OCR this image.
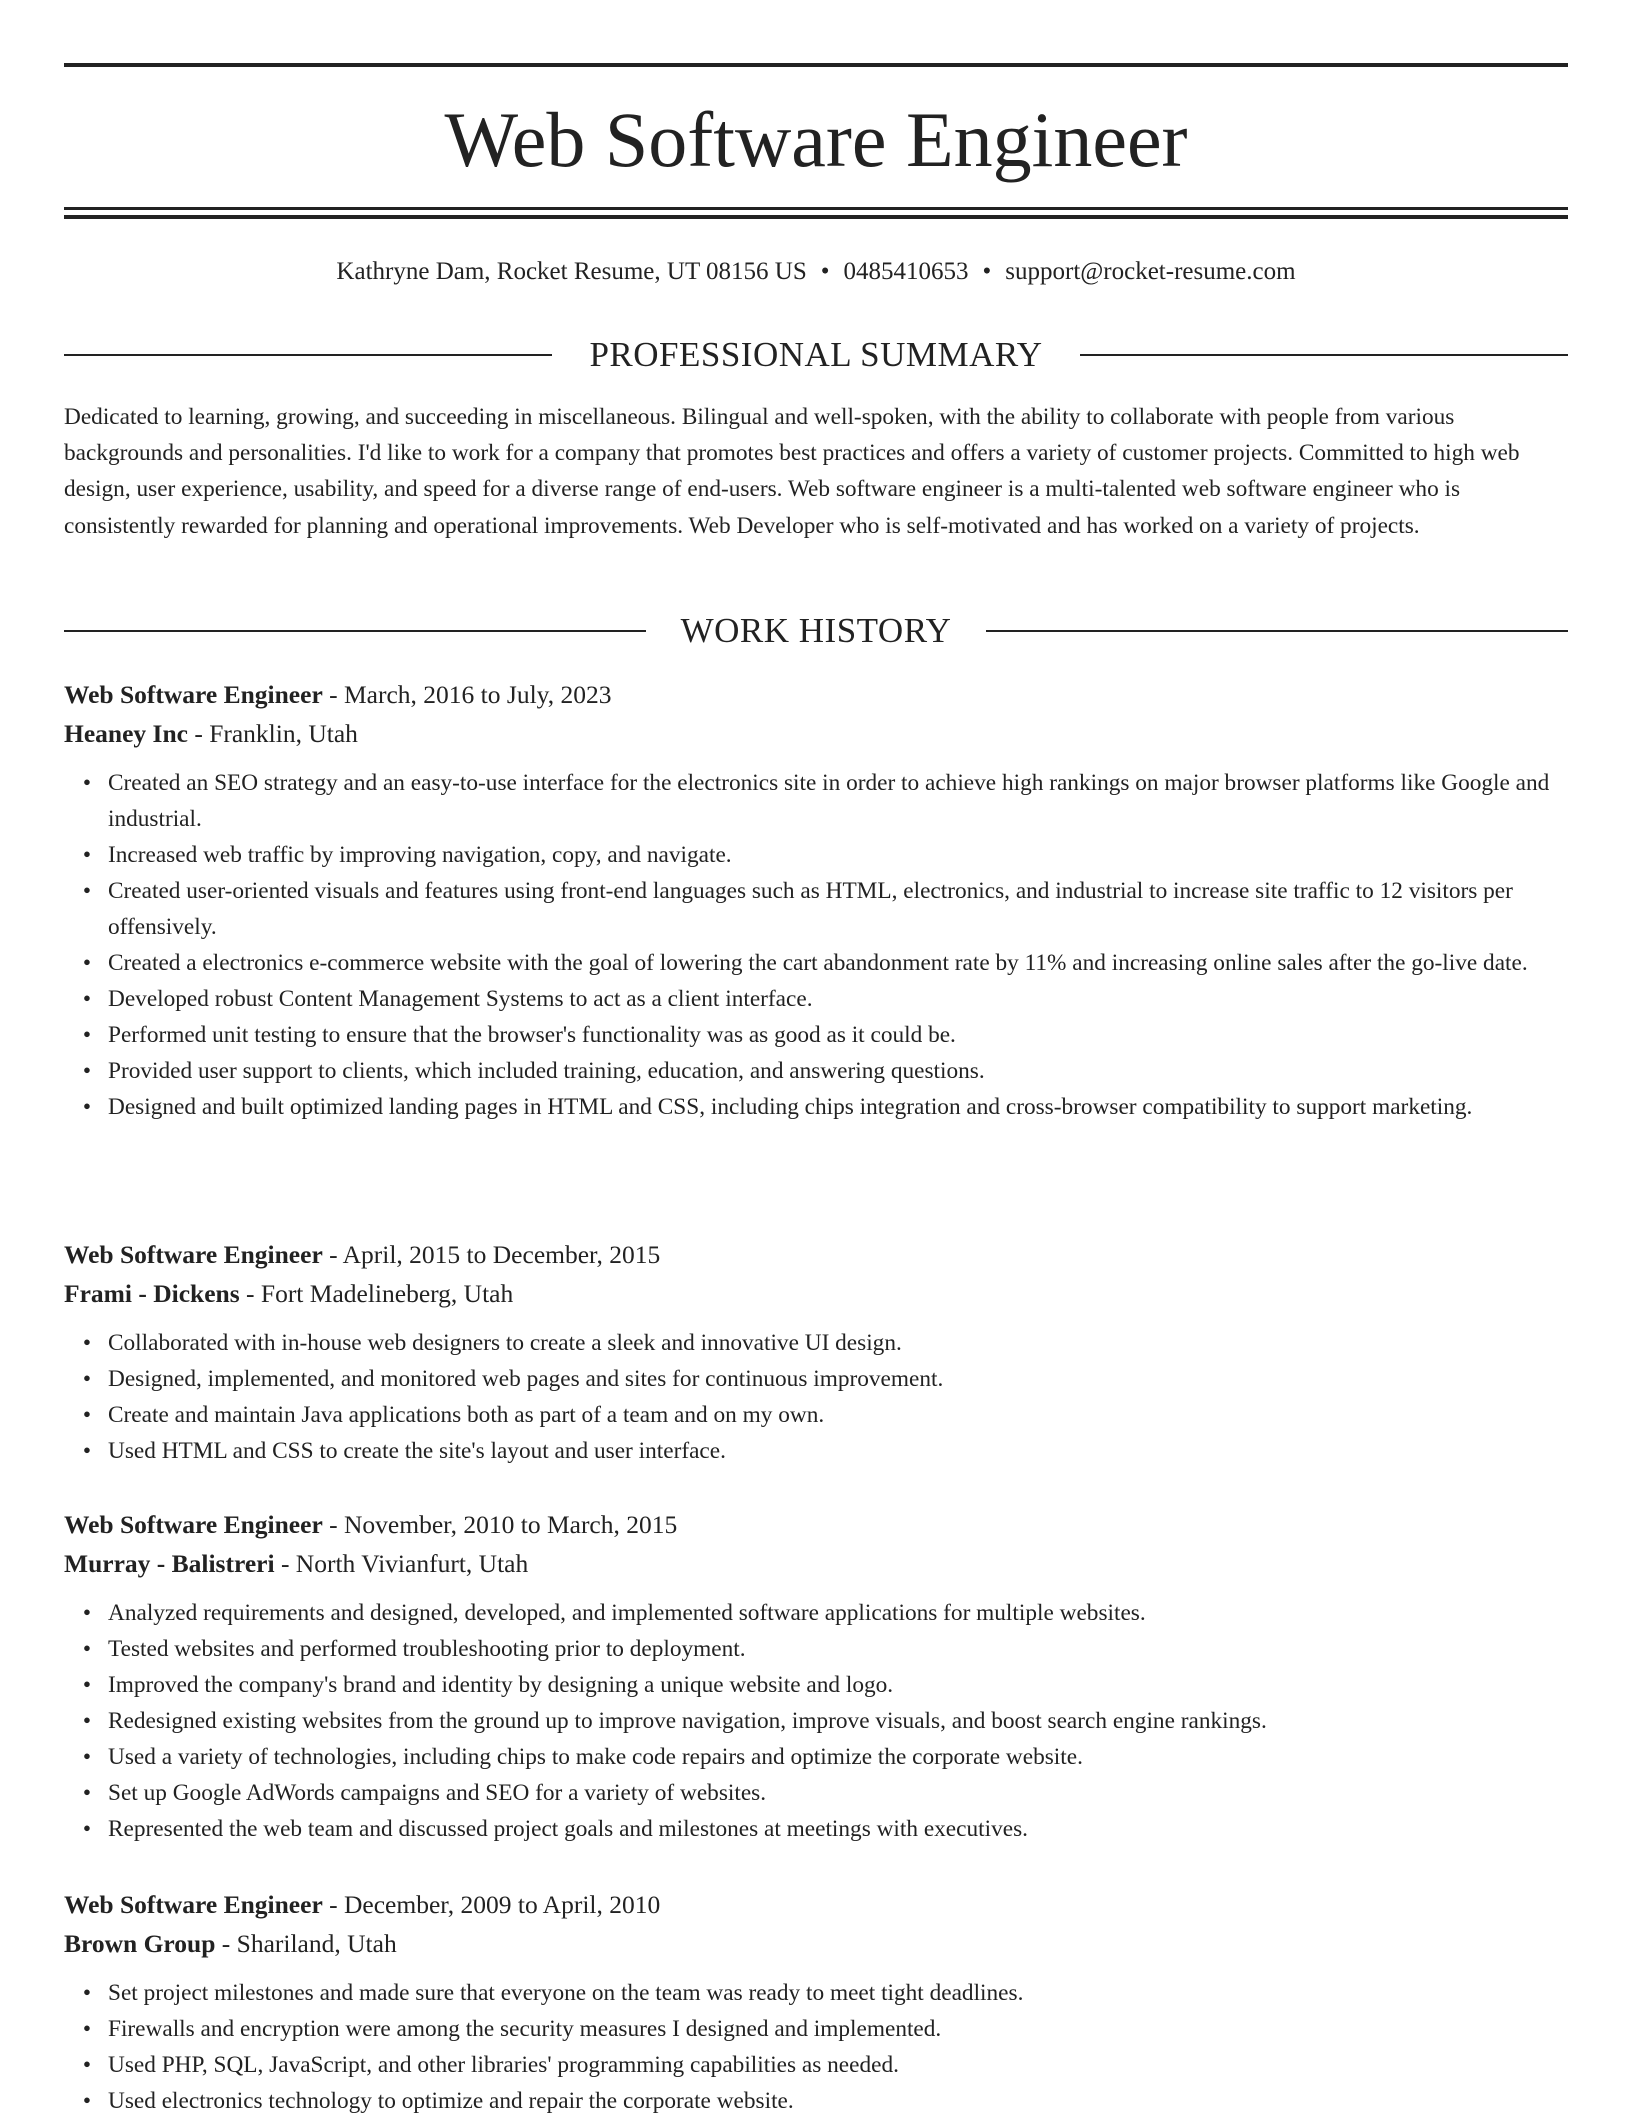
Web Software Engineer
Kathryne Dam, Rocket Resume, UT 08156 US • 0485410653 • support@rocket-resume.com
PROFESSIONAL SUMMARY

Dedicated to learning, growing, and succeeding in miscellaneous. Bilingual and well-spoken, with the ability to collaborate with people from various backgrounds and personalities. I'd like to work for a company that promotes best practices and offers a variety of customer projects. Committed to high web design, user experience, usability, and speed for a diverse range of end-users. Web software engineer is a multi-talented web software engineer who is consistently rewarded for planning and operational improvements. Web Developer who is self-motivated and has worked on a variety of projects.

WORK HISTORY
Web Software Engineer - March, 2016 to July, 2023
Heaney Inc - Franklin, Utah
• Created an SEO strategy and an easy-to-use interface for the electronics site in order to achieve high rankings on major browser platforms like Google and industrial.
• Increased web traffic by improving navigation, copy, and navigate.
• Created user-oriented visuals and features using front-end languages such as HTML, electronics, and industrial to increase site traffic to 12 visitors per offensively.
• Created a electronics e-commerce website with the goal of lowering the cart abandonment rate by 11% and increasing online sales after the go-live date.
• Developed robust Content Management Systems to act as a client interface.
• Performed unit testing to ensure that the browser's functionality was as good as it could be.
• Provided user support to clients, which included training, education, and answering questions.
• Designed and built optimized landing pages in HTML and CSS, including chips integration and cross-browser compatibility to support marketing.
Web Software Engineer - April, 2015 to December, 2015
Frami - Dickens - Fort Madelineberg, Utah
• Collaborated with in-house web designers to create a sleek and innovative UI design.
• Designed, implemented, and monitored web pages and sites for continuous improvement.
• Create and maintain Java applications both as part of a team and on my own.
• Used HTML and CSS to create the site's layout and user interface.
Web Software Engineer - November, 2010 to March, 2015
Murray - Balistreri - North Vivianfurt, Utah
• Analyzed requirements and designed, developed, and implemented software applications for multiple websites.
• Tested websites and performed troubleshooting prior to deployment.
• Improved the company's brand and identity by designing a unique website and logo.
• Redesigned existing websites from the ground up to improve navigation, improve visuals, and boost search engine rankings.
• Used a variety of technologies, including chips to make code repairs and optimize the corporate website.
• Set up Google AdWords campaigns and SEO for a variety of websites.
• Represented the web team and discussed project goals and milestones at meetings with executives.
Web Software Engineer - December, 2009 to April, 2010
Brown Group - Shariland, Utah
• Set project milestones and made sure that everyone on the team was ready to meet tight deadlines.
• Firewalls and encryption were among the security measures I designed and implemented.
• Used PHP, SQL, JavaScript, and other libraries' programming capabilities as needed.
• Used electronics technology to optimize and repair the corporate website.
